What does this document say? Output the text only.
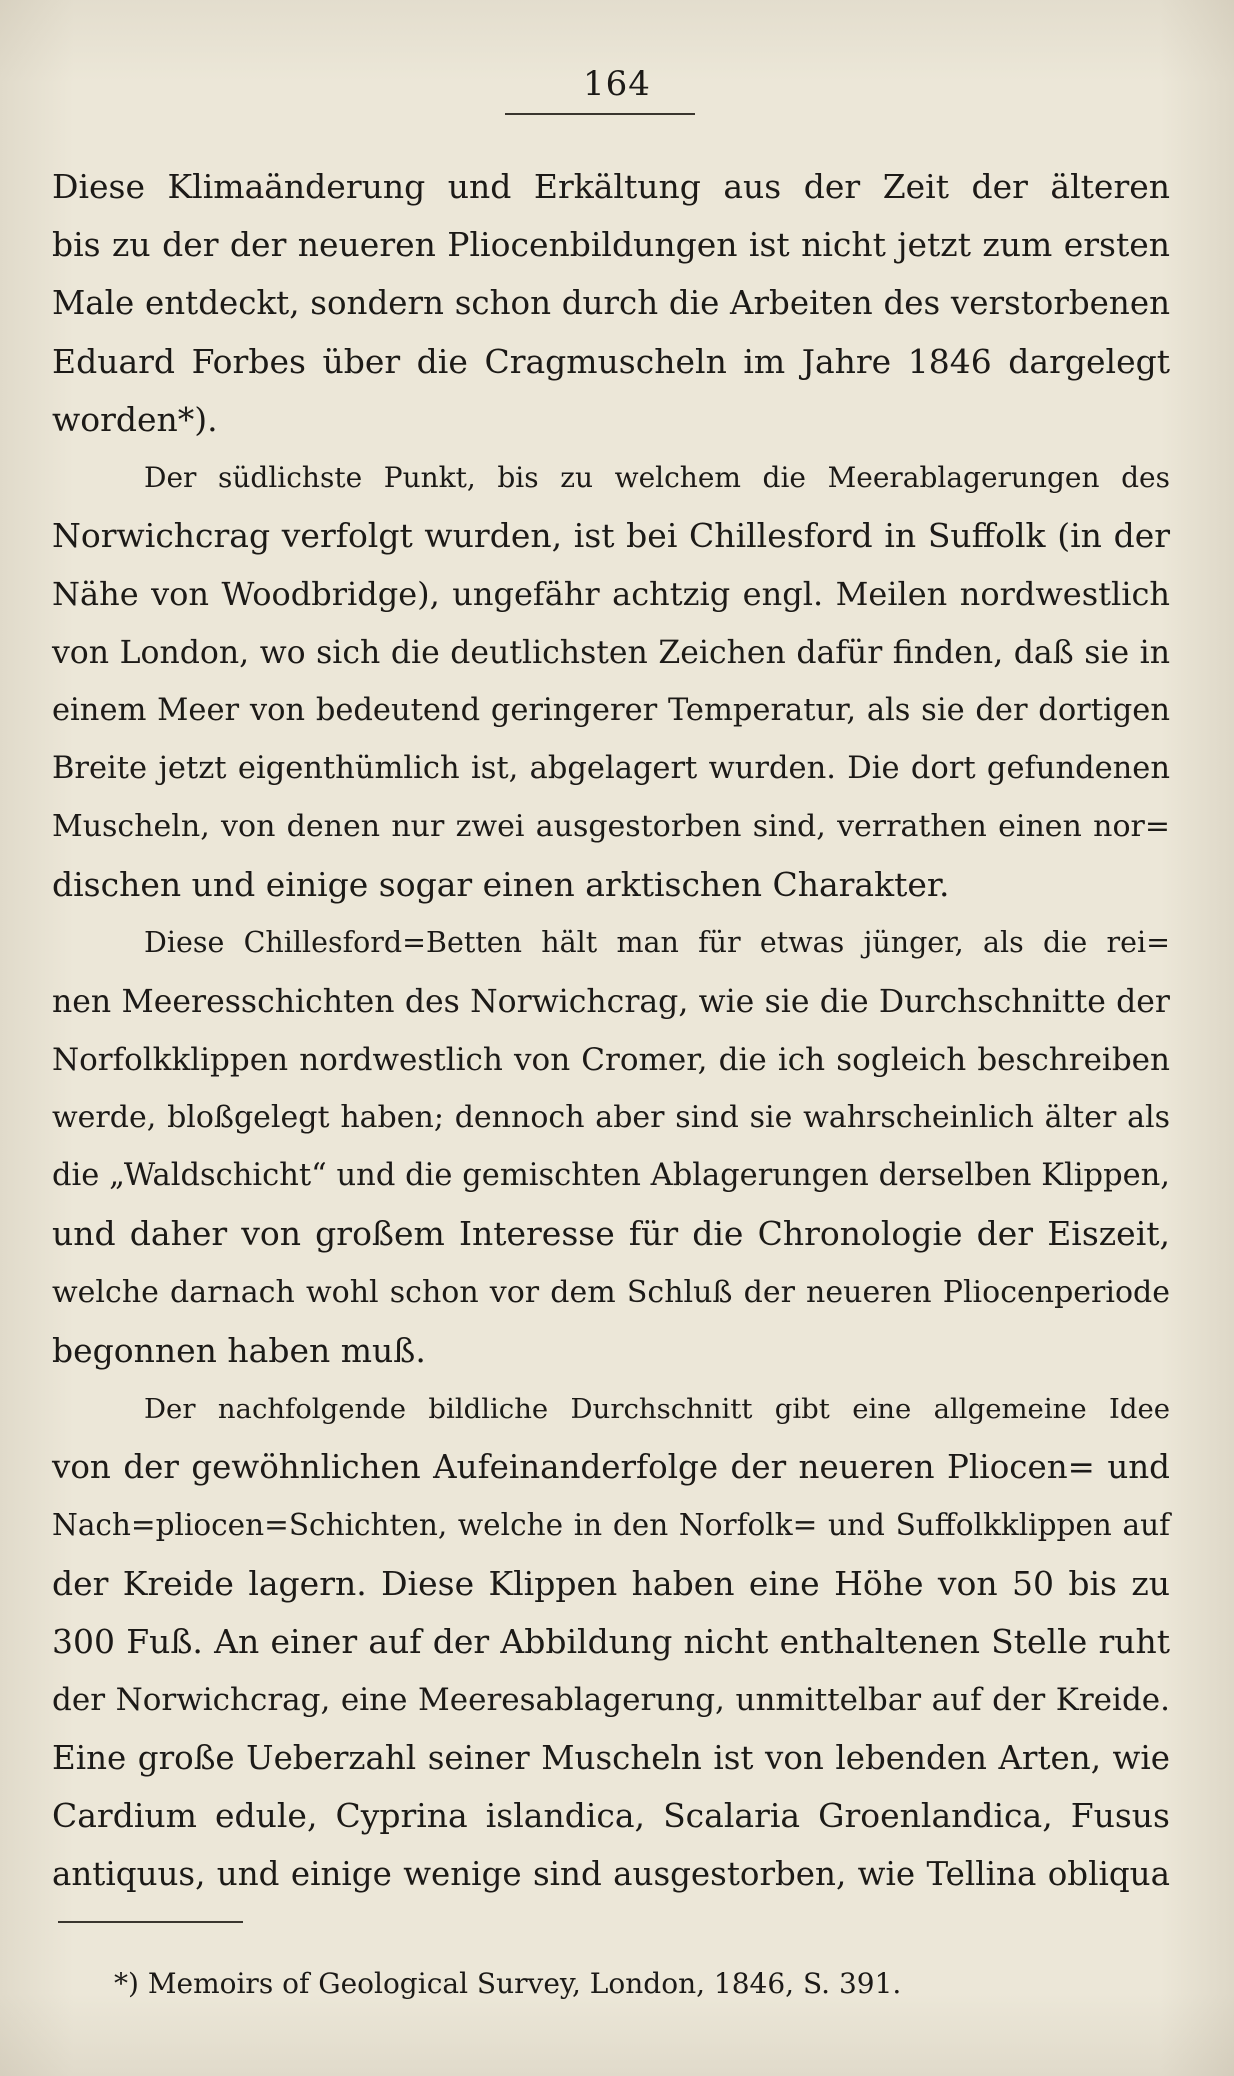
164
Diese Klimaänderung und Erkältung aus der Zeit der älteren
bis zu der der neueren Pliocenbildungen ist nicht jetzt zum ersten
Male entdeckt, sondern schon durch die Arbeiten des verstorbenen
Eduard Forbes über die Cragmuscheln im Jahre 1846 dargelegt
worden*).
Der südlichste Punkt, bis zu welchem die Meerablagerungen des
Norwichcrag verfolgt wurden, ist bei Chillesford in Suffolk (in der
Nähe von Woodbridge), ungefähr achtzig engl. Meilen nordwestlich
von London, wo sich die deutlichsten Zeichen dafür finden, daß sie in
einem Meer von bedeutend geringerer Temperatur, als sie der dortigen
Breite jetzt eigenthümlich ist, abgelagert wurden. Die dort gefundenen
Muscheln, von denen nur zwei ausgestorben sind, verrathen einen nor=
dischen und einige sogar einen arktischen Charakter.
Diese Chillesford=Betten hält man für etwas jünger, als die rei=
nen Meeresschichten des Norwichcrag, wie sie die Durchschnitte der
Norfolkklippen nordwestlich von Cromer, die ich sogleich beschreiben
werde, bloßgelegt haben; dennoch aber sind sie wahrscheinlich älter als
die „Waldschicht“ und die gemischten Ablagerungen derselben Klippen,
und daher von großem Interesse für die Chronologie der Eiszeit,
welche darnach wohl schon vor dem Schluß der neueren Pliocenperiode
begonnen haben muß.
Der nachfolgende bildliche Durchschnitt gibt eine allgemeine Idee
von der gewöhnlichen Aufeinanderfolge der neueren Pliocen= und
Nach=pliocen=Schichten, welche in den Norfolk= und Suffolkklippen auf
der Kreide lagern. Diese Klippen haben eine Höhe von 50 bis zu
300 Fuß. An einer auf der Abbildung nicht enthaltenen Stelle ruht
der Norwichcrag, eine Meeresablagerung, unmittelbar auf der Kreide.
Eine große Ueberzahl seiner Muscheln ist von lebenden Arten, wie
Cardium edule, Cyprina islandica, Scalaria Groenlandica, Fusus
antiquus, und einige wenige sind ausgestorben, wie Tellina obliqua
*) Memoirs of Geological Survey, London, 1846, S. 391.
